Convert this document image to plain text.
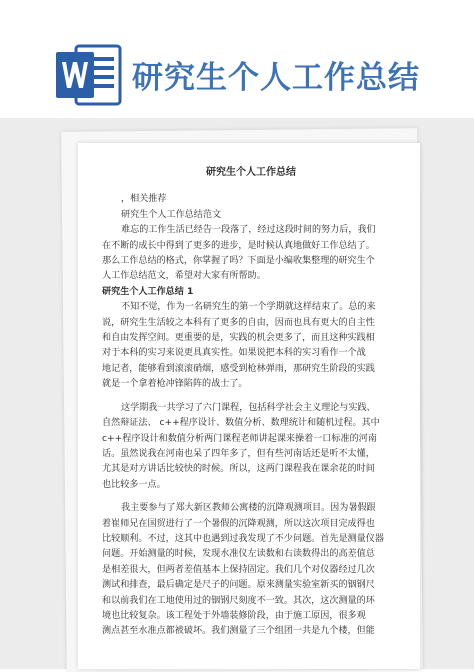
研究生个人工作总结
研究生个人工作总结
，相关推荐
研究生个人工作总结范文
难忘的工作生活已经告一段落了，经过这段时间的努力后，我们
在不断的成长中得到了更多的进步，是时候认真地做好工作总结了。
那么工作总结的格式，你掌握了吗？下面是小编收集整理的研究生个
人工作总结范文，希望对大家有所帮助。
研究生个人工作总结 1
不知不觉，作为一名研究生的第一个学期就这样结束了。总的来
说，研究生生活较之本科有了更多的自由，因而也具有更大的自主性
和自由发挥空间。更重要的是，实践的机会更多了，而且这种实践相
对于本科的实习来说更具真实性。如果说把本科的实习看作一个战
地记者，能够看到滚滚硝烟，感受到枪林弹雨，那研究生阶段的实践
就是一个拿着枪冲锋陷阵的战士了。
这学期我一共学习了六门课程，包括科学社会主义理论与实践、
自然辩证法、 c++程序设计、数值分析、数理统计和随机过程。其中
c++程序设计和数值分析两门课程老师讲起课来操着一口标准的河南
话。虽然说我在河南也呆了四年多了，但有些河南话还是听不太懂，
尤其是对方讲话比较快的时候。所以，这两门课程我在课余花的时间
也比较多一点。
我主要参与了郑大新区教师公寓楼的沉降观测项目。因为暑假跟
着崔师兄在国贸进行了一个暑假的沉降观测，所以这次项目完成得也
比较顺利。不过，这其中也遇到过我发现了不少问题。首先是测量仪器
问题。开始测量的时候，发现水准仪左读数和右读数得出的高差值总
是相差很大，但两者差值基本上保持固定。我们几个对仪器经过几次
测试和排查，最后确定是尺子的问题。原来测量实验室新买的铟钢尺
和以前我们在工地使用过的铟钢尺刻度不一致。其次，这次测量的环
境也比较复杂。该工程处于外墙装修阶段，由于施工原因，很多观
测点甚至水准点都被破坏。我们测量了三个组团一共是九个楼，但能
